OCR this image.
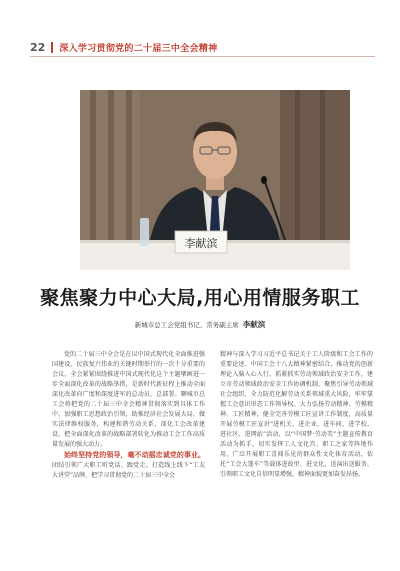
22 深入学习贯彻党的二十届三中全会精神
李献滨
聚焦聚力中心大局,用心用情服务职工
新城市总工会党组书记、常务副主席 李献滨

党的二十届三中全会是在以中国式现代化全面推进强国建设、民族复兴伟业的关键时期举行的一次十分重要的会议。全会紧紧围绕推进中国式现代化这个主题擘画进一步全面深化改革的战略举措，是新时代新征程上推动全面深化改革向广度和深度进军的总动员、总部署。聊城市总工会将把党的二十届三中全会精神贯彻落实到具体工作中，加强职工思想政治引领，助推经济社会发展大局，做实法律维权服务，构建和谐劳动关系，深化工会改革建设，把全面深化改革的战略部署转化为推动工会工作高质量发展的强大动力。

始终坚持党的领导，毫不动摇忠诚党的事业。团结引领广大职工听党话、跟党走。打造线上线下“工友大讲堂”品牌，把学习贯彻党的二十届三中全会

精神与深入学习习近平总书记关于工人阶级和工会工作的重要论述、中国工会十八大精神紧密结合，推动党的创新理论入脑入心入行。抓紧抓实劳动领域政治安全工作，建立市劳动领域政治安全工作协调机制，聚焦引导劳动领域社会组织，全力防范化解劳动关系领域重大风险，牢牢掌握工会意识形态工作领导权。大力弘扬劳动精神、劳模精神、工匠精神，健全完善劳模工匠宣讲工作制度，高质量开展劳模工匠宣讲“进机关、进企业、进车间、进学校、进社区、进网站”活动，以“中国梦·劳动美”主题宣传教育活动为抓手，切实发挥工人文化宫、职工之家等阵地作用，广泛开展职工喜闻乐见的群众性文化体育活动，依托“工会大篷车”等载体进故里、进文化，送演出送服务，引领职工文化自信明显增强，精神面貌更加奋发昂扬。
